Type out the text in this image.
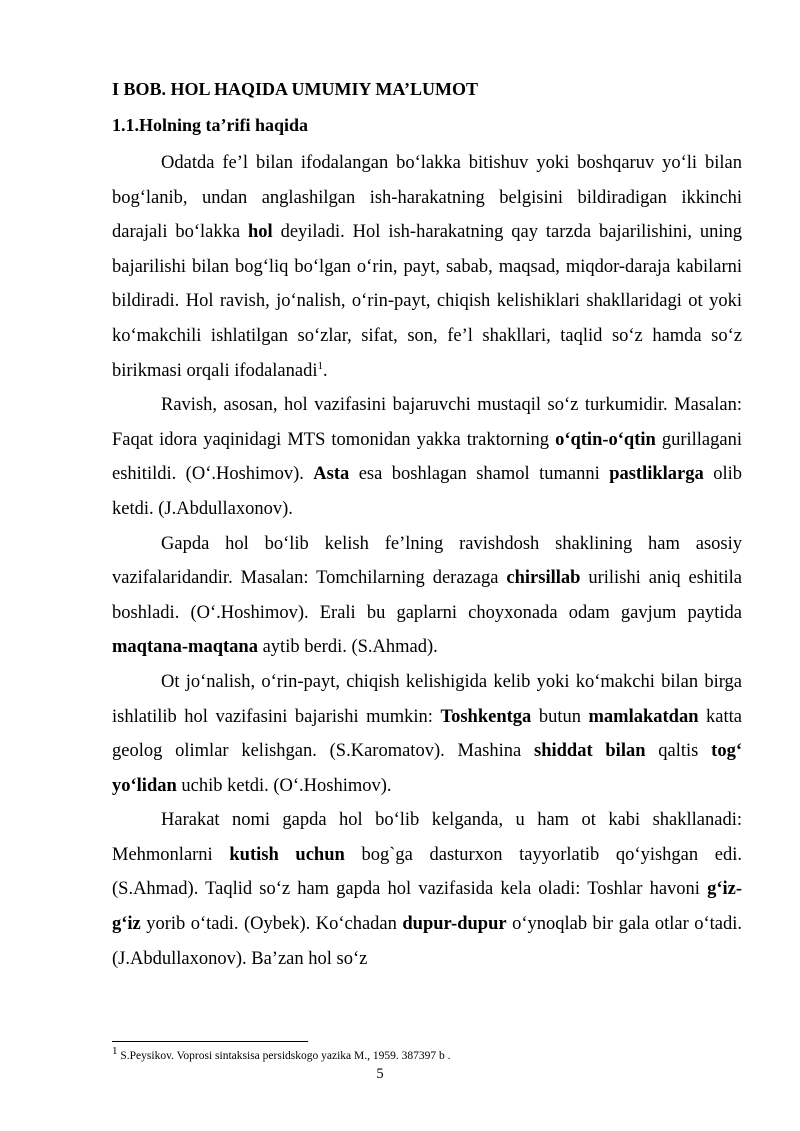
I BOB. HOL HAQIDA UMUMIY MA’LUMOT
1.1.Holning ta’rifi haqida

Odatda fe’l bilan ifodalangan bo‘lakka bitishuv yoki boshqaruv yo‘li bilan bog‘lanib, undan anglashilgan ish-harakatning belgisini bildiradigan ikkinchi darajali bo‘lakka hol deyiladi. Hol ish-harakatning qay tarzda bajarilishini, uning bajarilishi bilan bog‘liq bo‘lgan o‘rin, payt, sabab, maqsad, miqdor-daraja kabilarni bildiradi. Hol ravish, jo‘nalish, o‘rin-payt, chiqish kelishiklari shakllaridagi ot yoki ko‘makchili ishlatilgan so‘zlar, sifat, son, fe’l shakllari, taqlid so‘z hamda so‘z birikmasi orqali ifodalanadi$^1$.

Ravish, asosan, hol vazifasini bajaruvchi mustaqil so‘z turkumidir. Masalan: Faqat idora yaqinidagi MTS tomonidan yakka traktorning o‘qtin-o‘qtin gurillagani eshitildi. (O‘.Hoshimov). Asta esa boshlagan shamol tumanni pastliklarga olib ketdi. (J.Abdullaxonov).

Gapda hol bo‘lib kelish fe’lning ravishdosh shaklining ham asosiy vazifalaridandir. Masalan: Tomchilarning derazaga chirsillab urilishi aniq eshitila boshladi. (O‘.Hoshimov). Erali bu gaplarni choyxonada odam gavjum paytida maqtana-maqtana aytib berdi. (S.Ahmad).

Ot jo‘nalish, o‘rin-payt, chiqish kelishigida kelib yoki ko‘makchi bilan birga ishlatilib hol vazifasini bajarishi mumkin: Toshkentga butun mamlakatdan katta geolog olimlar kelishgan. (S.Karomatov). Mashina shiddat bilan qaltis tog‘ yo‘lidan uchib ketdi. (O‘.Hoshimov).

Harakat nomi gapda hol bo‘lib kelganda, u ham ot kabi shakllanadi: Mehmonlarni kutish uchun bog`ga dasturxon tayyorlatib qo‘yishgan edi. (S.Ahmad). Taqlid so‘z ham gapda hol vazifasida kela oladi: Toshlar havoni g‘iz-g‘iz yorib o‘tadi. (Oybek). Ko‘chadan dupur-dupur o‘ynoqlab bir gala otlar o‘tadi. (J.Abdullaxonov). Ba’zan hol so‘z

$^1$ S.Peysikov. Voprosi sintaksisa persidskogo yazika M., 1959. 387397 b .
5
